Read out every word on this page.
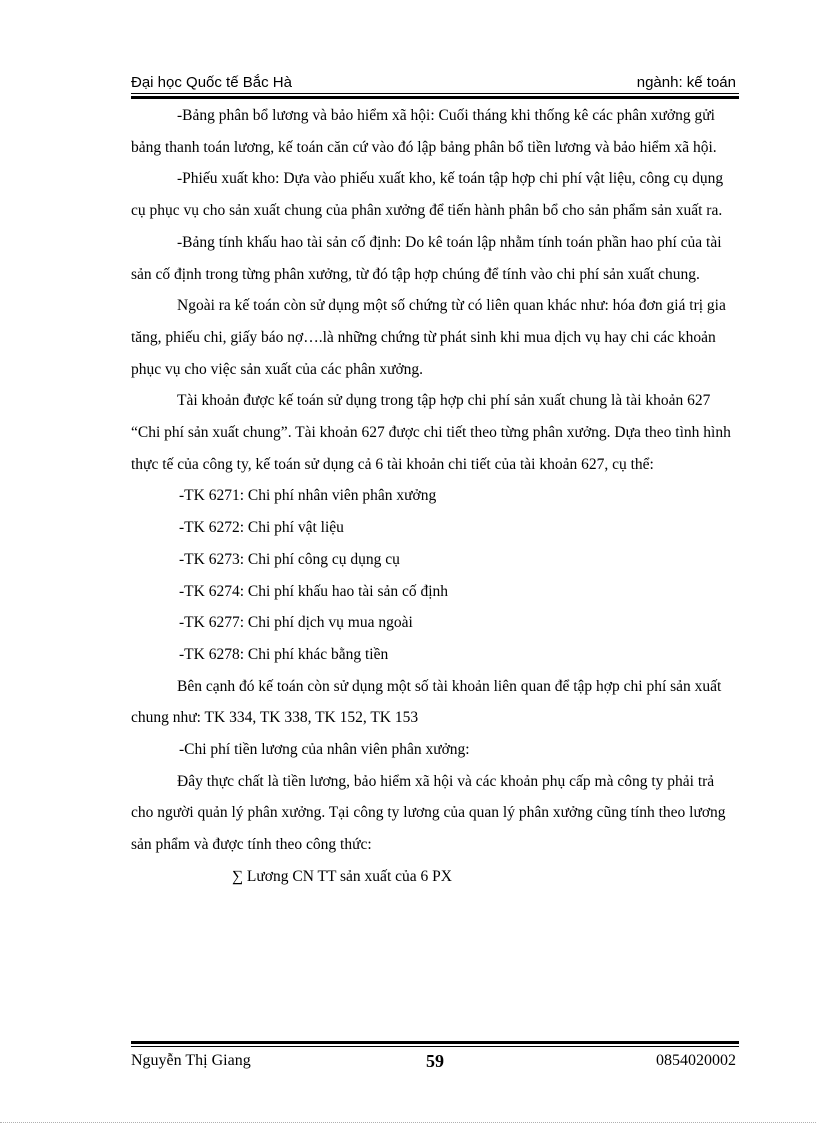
Đại học Quốc tế Bắc Hà	ngành: kế toán

-Bảng phân bổ lương và bảo hiểm xã hội: Cuối tháng khi thống kê các phân xưởng gửi bảng thanh toán lương, kế toán căn cứ vào đó lập bảng phân bổ tiền lương và bảo hiểm xã hội.

-Phiếu xuất kho: Dựa vào phiếu xuất kho, kế toán tập hợp chi phí vật liệu, công cụ dụng cụ phục vụ cho sản xuất chung của phân xưởng để tiến hành phân bổ cho sản phẩm sản xuất ra.

-Bảng tính khấu hao tài sản cố định: Do kê toán lập nhằm tính toán phần hao phí của tài sản cố định trong từng phân xưởng, từ đó tập hợp chúng để tính vào chi phí sản xuất chung.

Ngoài ra kế toán còn sử dụng một số chứng từ có liên quan khác như: hóa đơn giá trị gia tăng, phiếu chi, giấy báo nợ….là những chứng từ phát sinh khi mua dịch vụ hay chi các khoản phục vụ cho việc sản xuất của các phân xưởng.

Tài khoản được kế toán sử dụng trong tập hợp chi phí sản xuất chung là tài khoản 627 “Chi phí sản xuất chung”. Tài khoản 627 được chi tiết theo từng phân xưởng. Dựa theo tình hình thực tế của công ty, kế toán sử dụng cả 6 tài khoản chi tiết của tài khoản 627, cụ thể:

-TK 6271: Chi phí nhân viên phân xưởng

-TK 6272: Chi phí vật liệu

-TK 6273: Chi phí công cụ dụng cụ

-TK 6274: Chi phí khấu hao tài sản cố định

-TK 6277: Chi phí dịch vụ mua ngoài

-TK 6278: Chi phí khác bằng tiền

Bên cạnh đó kế toán còn sử dụng một số tài khoản liên quan để tập hợp chi phí sản xuất chung như: TK 334, TK 338, TK 152, TK 153

-Chi phí tiền lương của nhân viên phân xưởng:

Đây thực chất là tiền lương, bảo hiểm xã hội và các khoản phụ cấp mà công ty phải trả cho người quản lý phân xưởng. Tại công ty lương của quan lý phân xưởng cũng tính theo lương sản phẩm và được tính theo công thức:

∑ Lương CN TT sản xuất của 6 PX

Nguyễn Thị Giang	59	0854020002
